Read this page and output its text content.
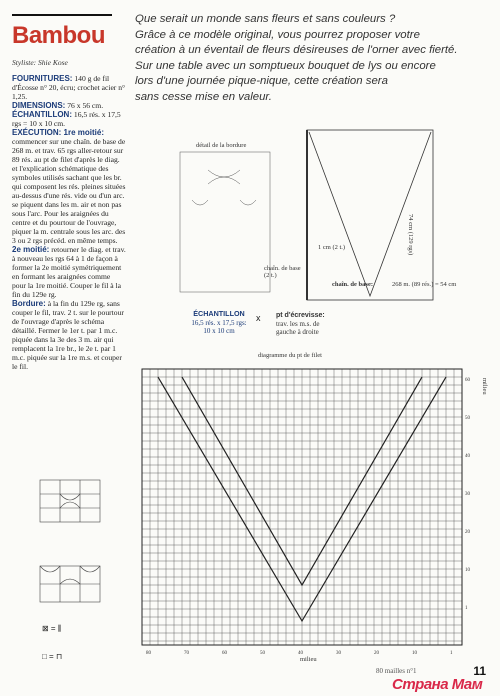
Bambou
Styliste: Shie Kose
Que serait un monde sans fleurs et sans couleurs ?
Grâce à ce modèle original, vous pourrez proposer votre
création à un éventail de fleurs désireuses de l'orner avec fierté.
Sur une table avec un somptueux bouquet de lys ou encore
lors d'une journée pique-nique, cette création sera
sans cesse mise en valeur.

FOURNITURES: 140 g de fil d'Écosse n° 20, écru; crochet acier n° 1,25.

DIMENSIONS: 76 x 56 cm.

ÉCHANTILLON: 16,5 rés. x 17,5 rgs = 10 x 10 cm.

EXÉCUTION: 1re moitié: commencer sur une chaîn. de base de 268 m. et trav. 65 rgs aller-retour sur 89 rés. au pt de filet d'après le diag. et l'explication schématique des symboles utilisés sachant que les br. qui composent les rés. pleines situées au-dessus d'une rés. vide ou d'un arc. se piquent dans les m. air et non pas sous l'arc. Pour les araignées du centre et du pourtour de l'ouvrage, piquer la m. centrale sous les arc. des 3 ou 2 rgs précéd. en même temps. 2e moitié: retourner le diag. et trav. à nouveau les rgs 64 à 1 de façon à former la 2e moitié symétriquement en formant les araignées comme pour la 1re moitié. Couper le fil à la fin du 129e rg.

Bordure: à la fin du 129e rg, sans couper le fil, trav. 2 t. sur le pourtour de l'ouvrage d'après le schéma détaillé. Fermer le 1er t. par 1 m.c. piquée dans la 3e des 3 m. air qui remplacent la 1re br., le 2e t. par 1 m.c. piquée sur la 1re m.s. et couper le fil.

⊠ = ⫼
□ = ⊓
détail de la bordure
chaîn. de base (2 t.)
74 cm (129 rgs)
1 cm (2 t.)
chaîn. de base:	268 m. (89 rés.) = 54 cm
ÉCHANTILLON
16,5 rés. x 17,5 rgs:
10 x 10 cm
x pt d'écrevisse:
trav. les m.s. de
gauche à droite
diagramme du pt de filet
60
50
40
30
20
10
1
80	70	60	50	40	30	20	10	1
milieu
milieu
80 mailles n°1	11
Страна Мам
